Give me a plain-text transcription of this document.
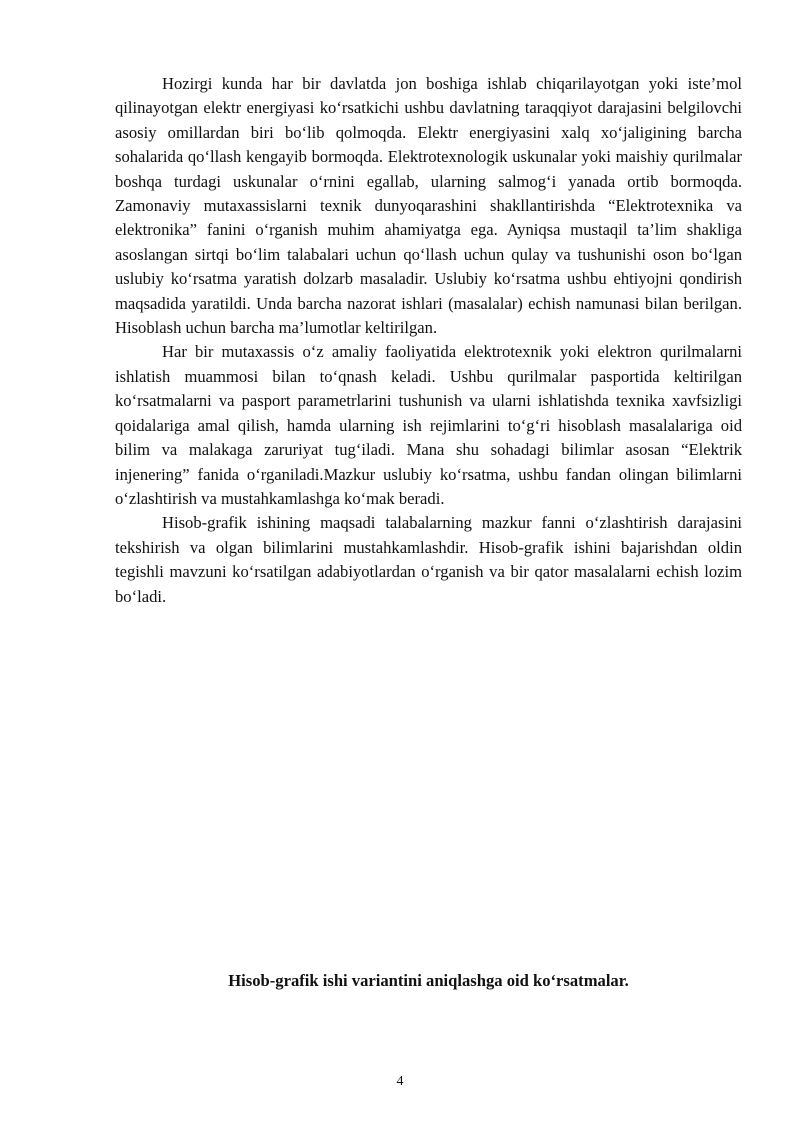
Hozirgi kunda har bir davlatda jon boshiga ishlab chiqarilayotgan yoki iste’mol qilinayotgan elektr energiyasi ko‘rsatkichi ushbu davlatning taraqqiyot darajasini belgilovchi asosiy omillardan biri bo‘lib qolmoqda. Elektr energiyasini xalq xo‘jaligining barcha sohalarida qo‘llash kengayib bormoqda. Elektrotexnologik uskunalar yoki maishiy qurilmalar boshqa turdagi uskunalar o‘rnini egallab, ularning salmog‘i yanada ortib bormoqda. Zamonaviy mutaxassislarni texnik dunyoqarashini shakllantirishda “Elektrotexnika va elektronika” fanini o‘rganish muhim ahamiyatga ega. Ayniqsa mustaqil ta’lim shakliga asoslangan sirtqi bo‘lim talabalari uchun qo‘llash uchun qulay va tushunishi oson bo‘lgan uslubiy ko‘rsatma yaratish dolzarb masaladir. Uslubiy ko‘rsatma ushbu ehtiyojni qondirish maqsadida yaratildi. Unda barcha nazorat ishlari (masalalar) echish namunasi bilan berilgan. Hisoblash uchun barcha ma’lumotlar keltirilgan.

Har bir mutaxassis o‘z amaliy faoliyatida elektrotexnik yoki elektron qurilmalarni ishlatish muammosi bilan to‘qnash keladi. Ushbu qurilmalar pasportida keltirilgan ko‘rsatmalarni va pasport parametrlarini tushunish va ularni ishlatishda texnika xavfsizligi qoidalariga amal qilish, hamda ularning ish rejimlarini to‘g‘ri hisoblash masalalariga oid bilim va malakaga zaruriyat tug‘iladi. Mana shu sohadagi bilimlar asosan “Elektrik injenering” fanida o‘rganiladi.Mazkur uslubiy ko‘rsatma, ushbu fandan olingan bilimlarni o‘zlashtirish va mustahkamlashga ko‘mak beradi.

Hisob-grafik ishining maqsadi talabalarning mazkur fanni o‘zlashtirish darajasini tekshirish va olgan bilimlarini mustahkamlashdir. Hisob-grafik ishini bajarishdan oldin tegishli mavzuni ko‘rsatilgan adabiyotlardan o‘rganish va bir qator masalalarni echish lozim bo‘ladi.

Hisob-grafik ishi variantini aniqlashga oid ko‘rsatmalar.
4
